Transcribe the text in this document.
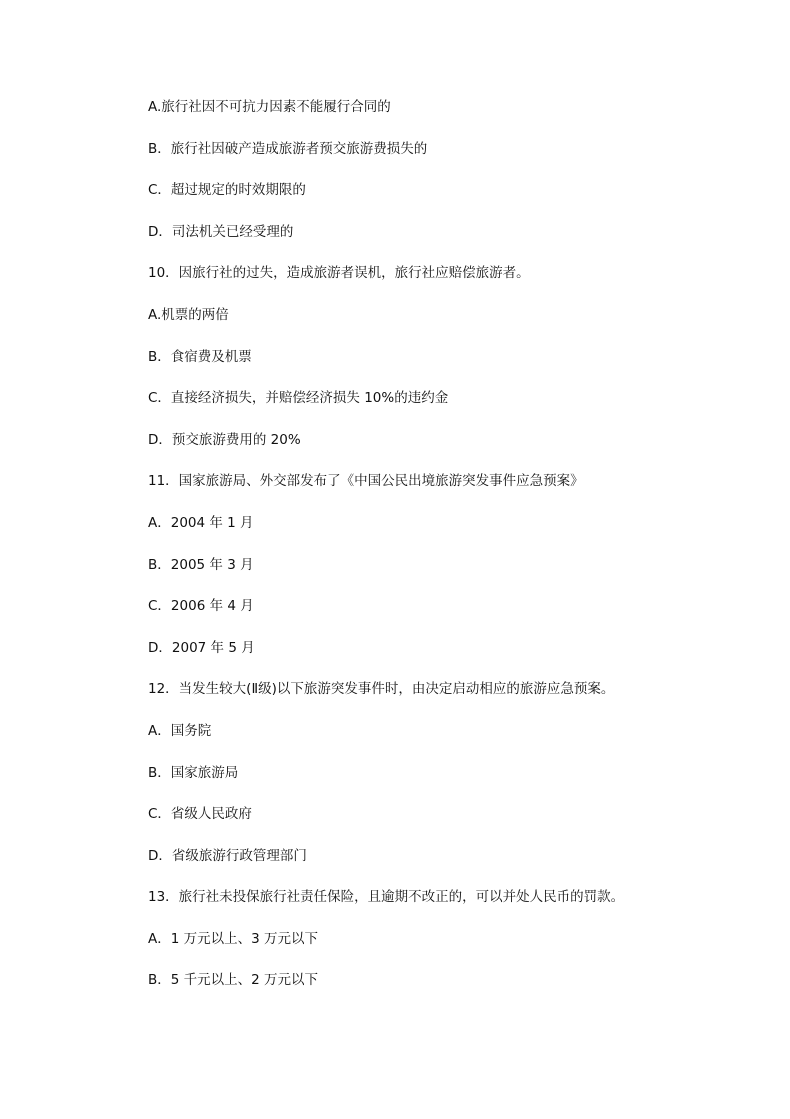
A.旅行社因不可抗力因素不能履行合同的
B．旅行社因破产造成旅游者预交旅游费损失的
C．超过规定的时效期限的
D．司法机关已经受理的
10．因旅行社的过失，造成旅游者误机，旅行社应赔偿旅游者。
A.机票的两倍
B．食宿费及机票
C．直接经济损失，并赔偿经济损失 10%的违约金
D．预交旅游费用的 20%
11．国家旅游局、外交部发布了《中国公民出境旅游突发事件应急预案》
A．2004 年 1 月
B．2005 年 3 月
C．2006 年 4 月
D．2007 年 5 月
12．当发生较大(Ⅱ级)以下旅游突发事件时，由决定启动相应的旅游应急预案。
A．国务院
B．国家旅游局
C．省级人民政府
D．省级旅游行政管理部门
13．旅行社未投保旅行社责任保险，且逾期不改正的，可以并处人民币的罚款。
A．1 万元以上、3 万元以下
B．5 千元以上、2 万元以下
